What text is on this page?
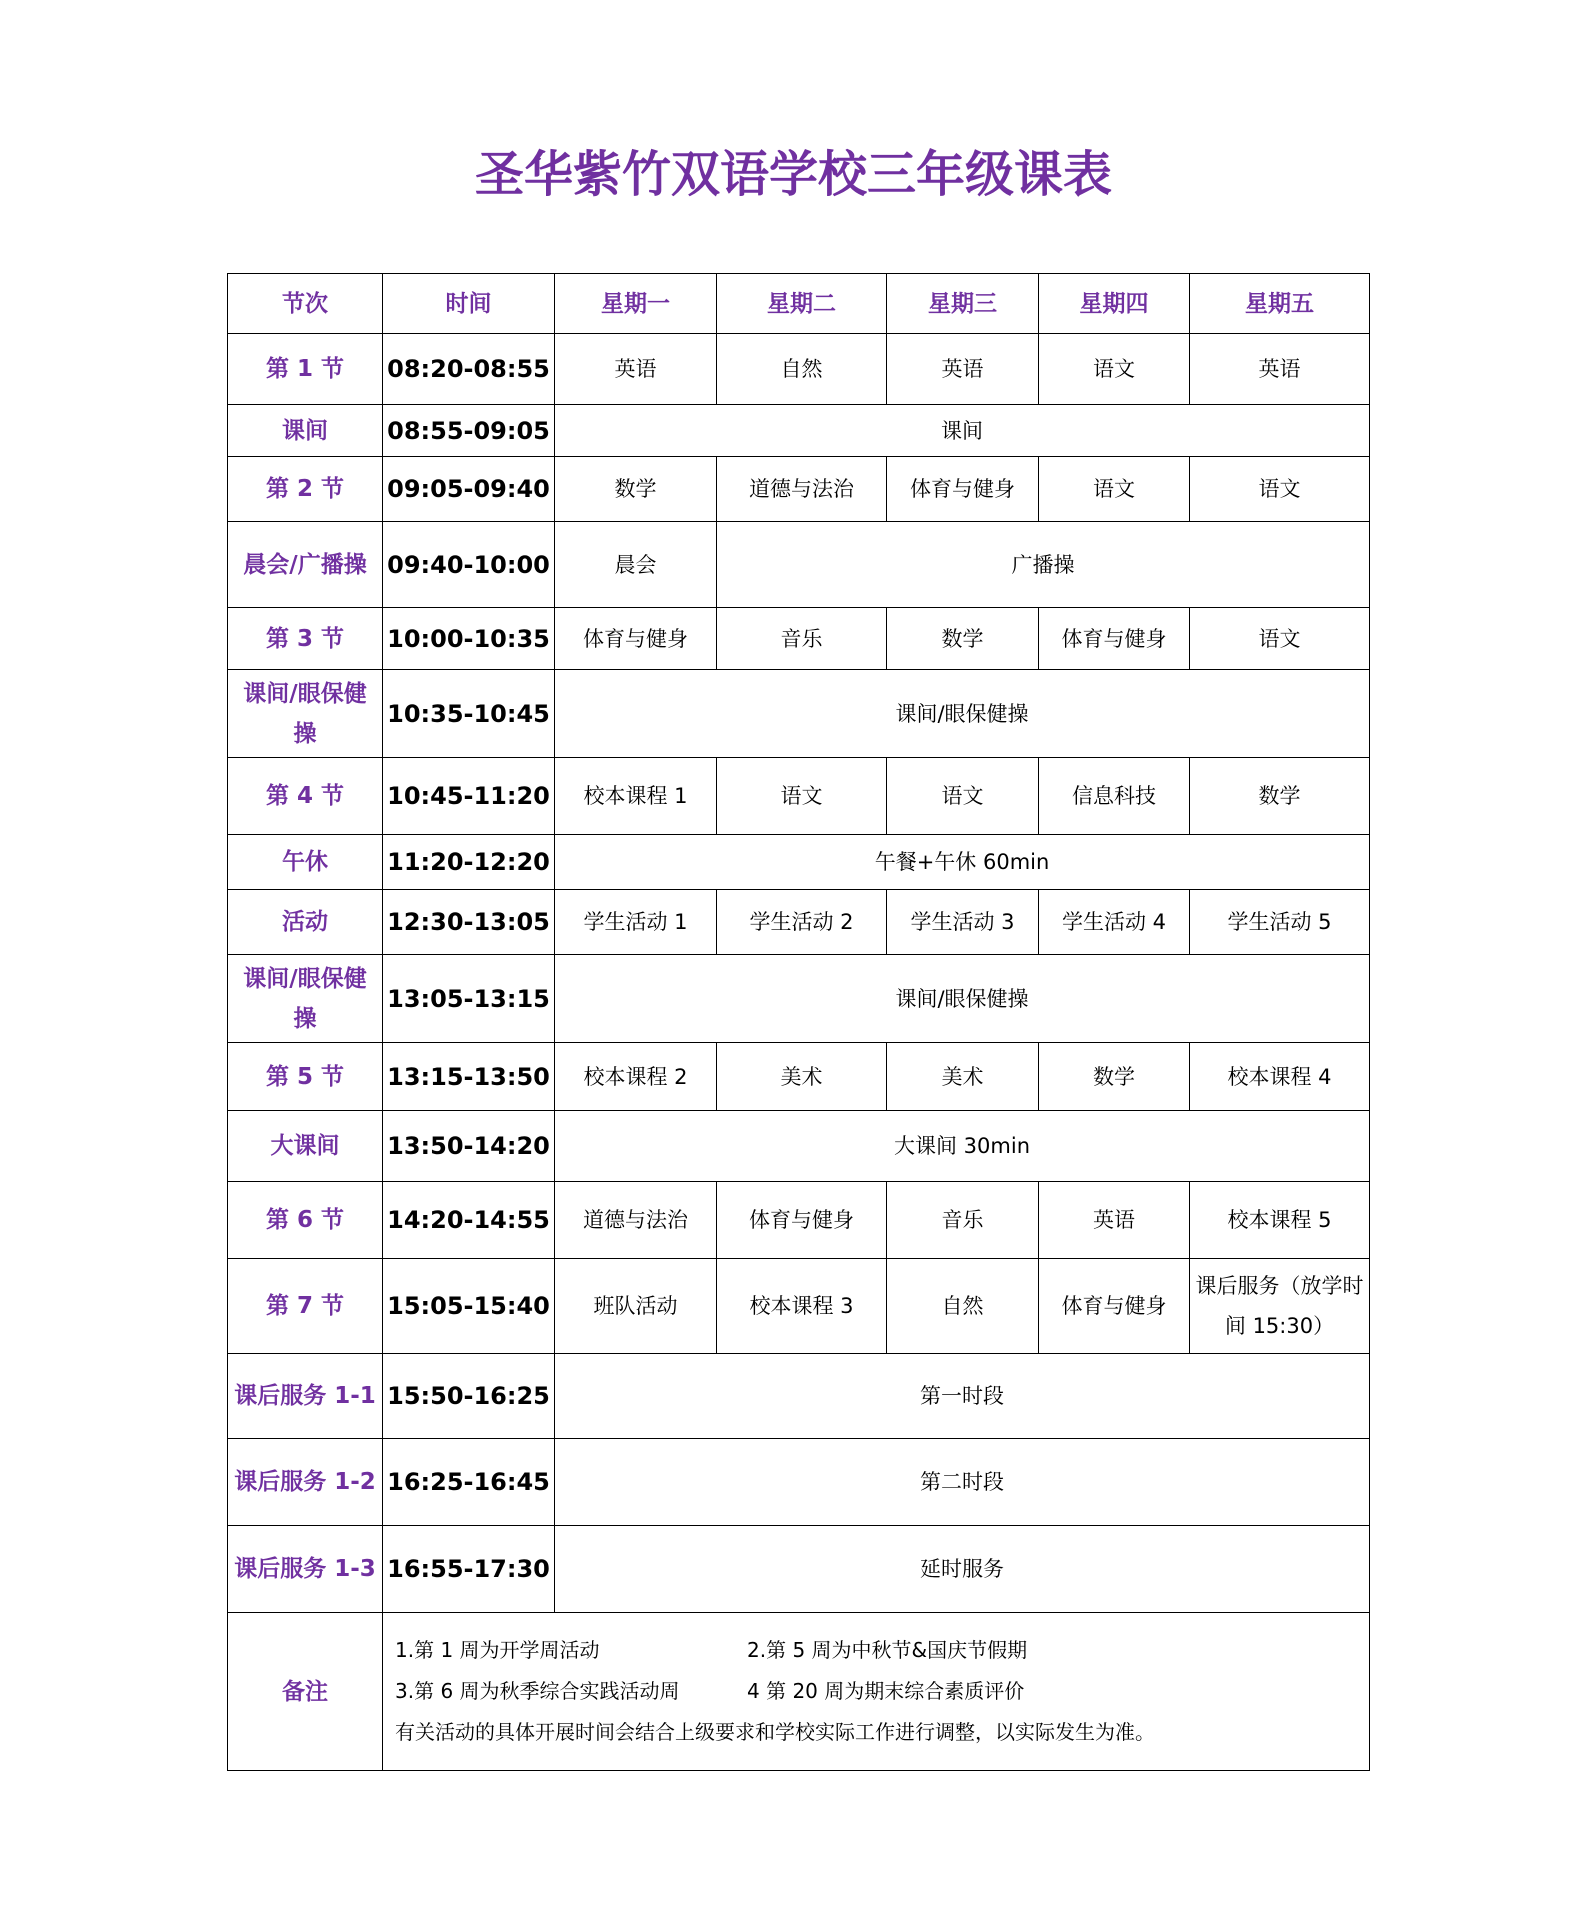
圣华紫竹双语学校三年级课表
节次	时间	星期一	星期二	星期三	星期四	星期五
第 1 节	08:20-08:55	英语	自然	英语	语文	英语
课间	08:55-09:05	课间				
第 2 节	09:05-09:40	数学	道德与法治	体育与健身	语文	语文
晨会/广播操	09:40-10:00	晨会	广播操			
第 3 节	10:00-10:35	体育与健身	音乐	数学	体育与健身	语文
课间/眼保健操	10:35-10:45	课间/眼保健操				
第 4 节	10:45-11:20	校本课程 1	语文	语文	信息科技	数学
午休	11:20-12:20	午餐+午休 60min				
活动	12:30-13:05	学生活动 1	学生活动 2	学生活动 3	学生活动 4	学生活动 5
课间/眼保健操	13:05-13:15	课间/眼保健操				
第 5 节	13:15-13:50	校本课程 2	美术	美术	数学	校本课程 4
大课间	13:50-14:20	大课间 30min				
第 6 节	14:20-14:55	道德与法治	体育与健身	音乐	英语	校本课程 5
第 7 节	15:05-15:40	班队活动	校本课程 3	自然	体育与健身	课后服务（放学时间 15:30）
课后服务 1-1	15:50-16:25	第一时段				
课后服务 1-2	16:25-16:45	第二时段				
课后服务 1-3	16:55-17:30	延时服务				
备注	1.第 1 周为开学周活动 2.第 5 周为中秋节&国庆节假期
3.第 6 周为秋季综合实践活动周 4 第 20 周为期末综合素质评价
有关活动的具体开展时间会结合上级要求和学校实际工作进行调整，以实际发生为准。					
